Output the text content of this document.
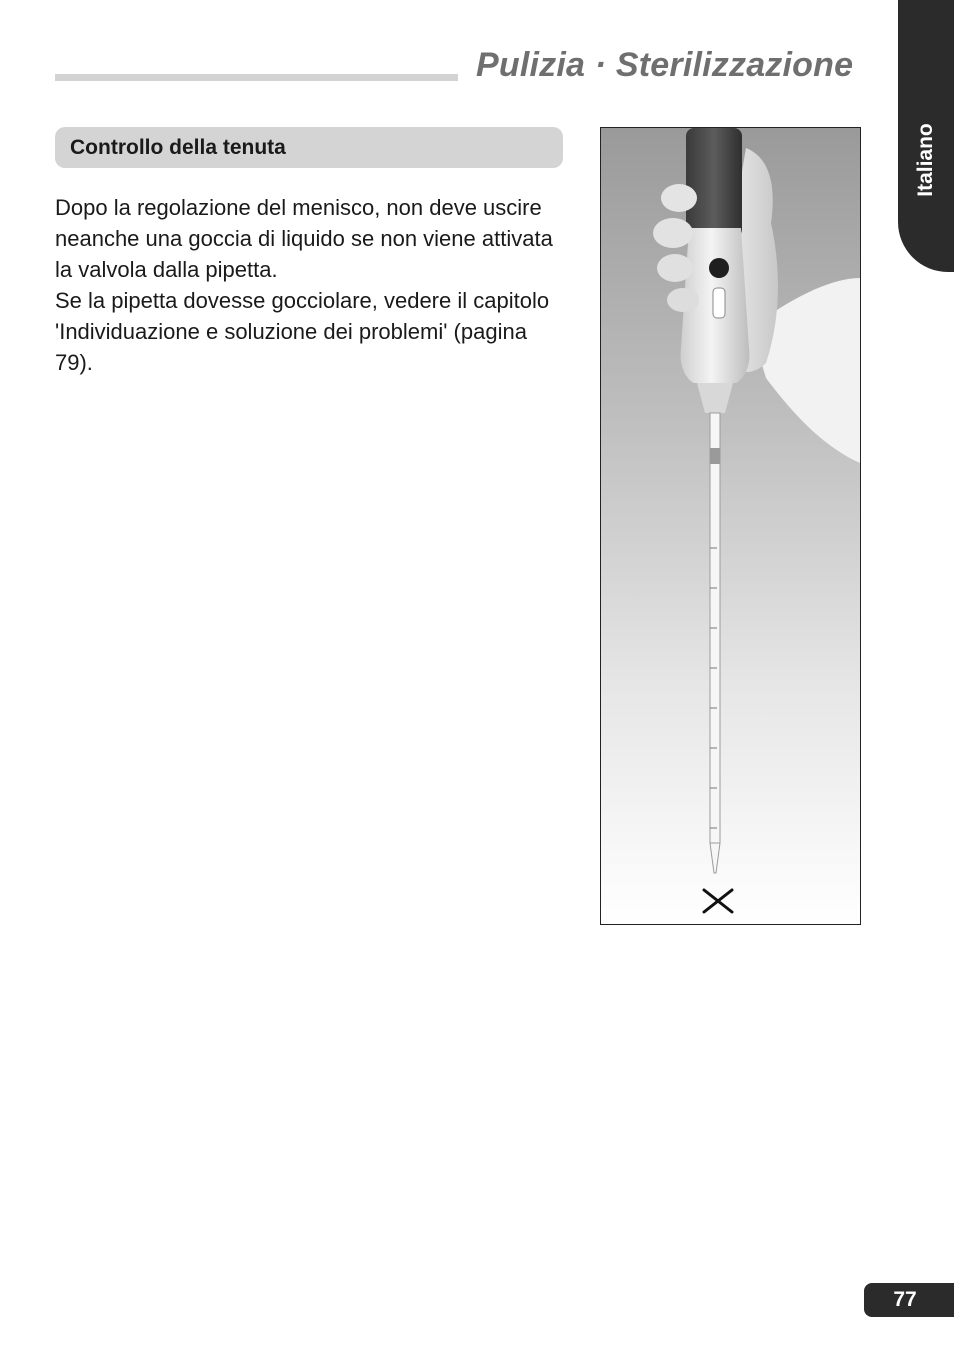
Pulizia · Sterilizzazione
Italiano
Controllo della tenuta

Dopo la regolazione del menisco, non deve uscire neanche una goccia di liquido se non viene attivata la valvola dalla pipetta.

Se la pipetta dovesse gocciolare, vedere il capitolo 'Individuazione e soluzione dei problemi' (pagina 79).

77
